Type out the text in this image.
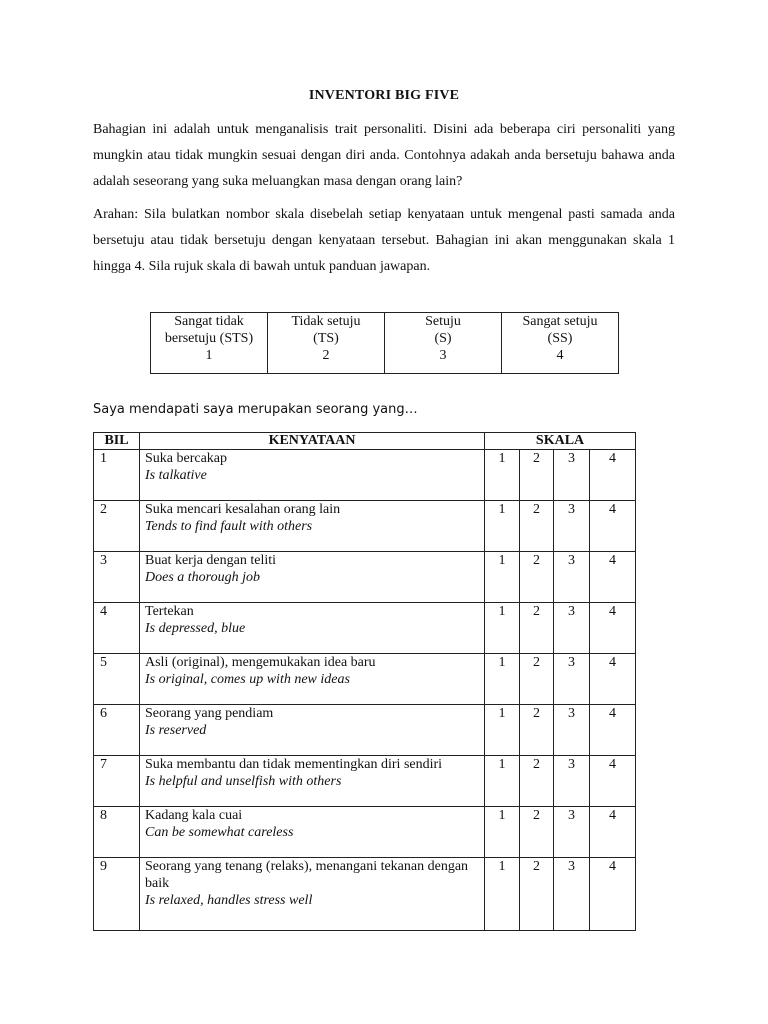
INVENTORI BIG FIVE
Bahagian ini adalah untuk menganalisis trait personaliti. Disini ada beberapa ciri personaliti yang mungkin atau tidak mungkin sesuai dengan diri anda. Contohnya adakah anda bersetuju bahawa anda adalah seseorang yang suka meluangkan masa dengan orang lain?
Arahan: Sila bulatkan nombor skala disebelah setiap kenyataan untuk mengenal pasti samada anda bersetuju atau tidak bersetuju dengan kenyataan tersebut. Bahagian ini akan menggunakan skala 1 hingga 4. Sila rujuk skala di bawah untuk panduan jawapan.
Sangat tidak
bersetuju (STS)
1

Tidak setuju
(TS)
2

Setuju
(S)
3

Sangat setuju
(SS)
4
Saya mendapati saya merupakan seorang yang…
BIL	KENYATAAN	SKALA			
1	Suka bercakap
Is talkative	1	2	3	4
2	Suka mencari kesalahan orang lain
Tends to find fault with others	1	2	3	4
3	Buat kerja dengan teliti
Does a thorough job	1	2	3	4
4	Tertekan
Is depressed, blue	1	2	3	4
5	Asli (original), mengemukakan idea baru
Is original, comes up with new ideas	1	2	3	4
6	Seorang yang pendiam
Is reserved	1	2	3	4
7	Suka membantu dan tidak mementingkan diri sendiri
Is helpful and unselfish with others	1	2	3	4
8	Kadang kala cuai
Can be somewhat careless	1	2	3	4
9	Seorang yang tenang (relaks), menangani tekanan dengan baik
Is relaxed, handles stress well	1	2	3	4
